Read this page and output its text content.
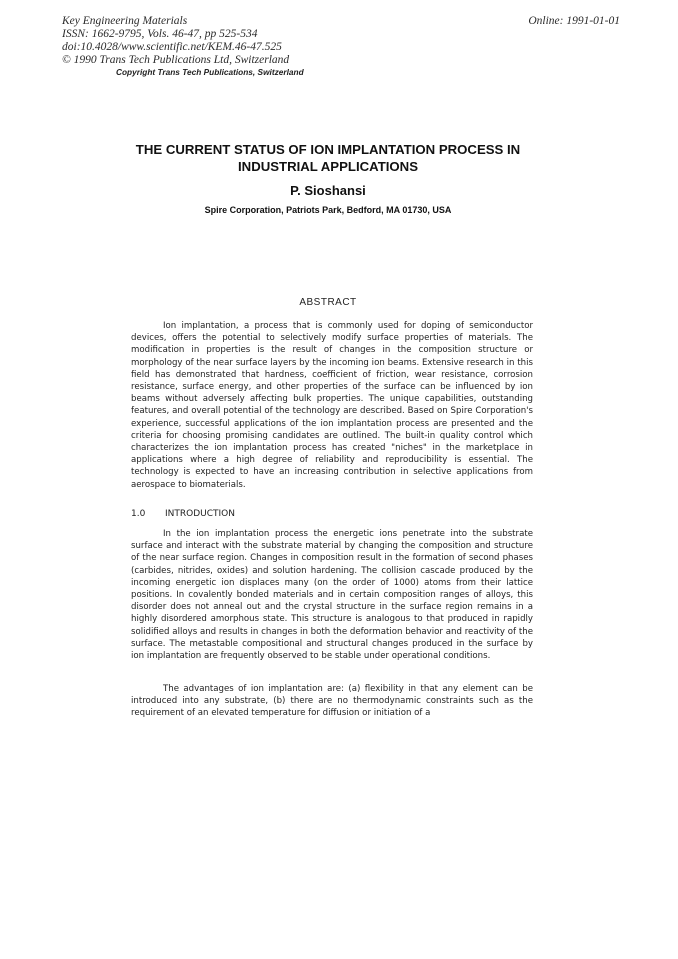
Key Engineering Materials
ISSN: 1662-9795, Vols. 46-47, pp 525-534
doi:10.4028/www.scientific.net/KEM.46-47.525
© 1990 Trans Tech Publications Ltd, Switzerland
Online: 1991-01-01
Copyright Trans Tech Publications, Switzerland
THE CURRENT STATUS OF ION IMPLANTATION PROCESS IN
INDUSTRIAL APPLICATIONS
P. Sioshansi
Spire Corporation, Patriots Park, Bedford, MA 01730, USA
ABSTRACT
Ion implantation, a process that is commonly used for doping of semiconductor devices, offers the potential to selectively modify surface properties of materials. The modification in properties is the result of changes in the composition structure or morphology of the near surface layers by the incoming ion beams. Extensive research in this field has demonstrated that hardness, coefficient of friction, wear resistance, corrosion resistance, surface energy, and other properties of the surface can be influenced by ion beams without adversely affecting bulk properties. The unique capabilities, outstanding features, and overall potential of the technology are described. Based on Spire Corporation's experience, successful applications of the ion implantation process are presented and the criteria for choosing promising candidates are outlined. The built-in quality control which characterizes the ion implantation process has created "niches" in the marketplace in applications where a high degree of reliability and reproducibility is essential. The technology is expected to have an increasing contribution in selective applications from aerospace to biomaterials.
1.0 INTRODUCTION
In the ion implantation process the energetic ions penetrate into the substrate surface and interact with the substrate material by changing the composition and structure of the near surface region. Changes in composition result in the formation of second phases (carbides, nitrides, oxides) and solution hardening. The collision cascade produced by the incoming energetic ion displaces many (on the order of 1000) atoms from their lattice positions. In covalently bonded materials and in certain composition ranges of alloys, this disorder does not anneal out and the crystal structure in the surface region remains in a highly disordered amorphous state. This structure is analogous to that produced in rapidly solidified alloys and results in changes in both the deformation behavior and reactivity of the surface. The metastable compositional and structural changes produced in the surface by ion implantation are frequently observed to be stable under operational conditions.
The advantages of ion implantation are: (a) flexibility in that any element can be introduced into any substrate, (b) there are no thermodynamic constraints such as the requirement of an elevated temperature for diffusion or initiation of a
